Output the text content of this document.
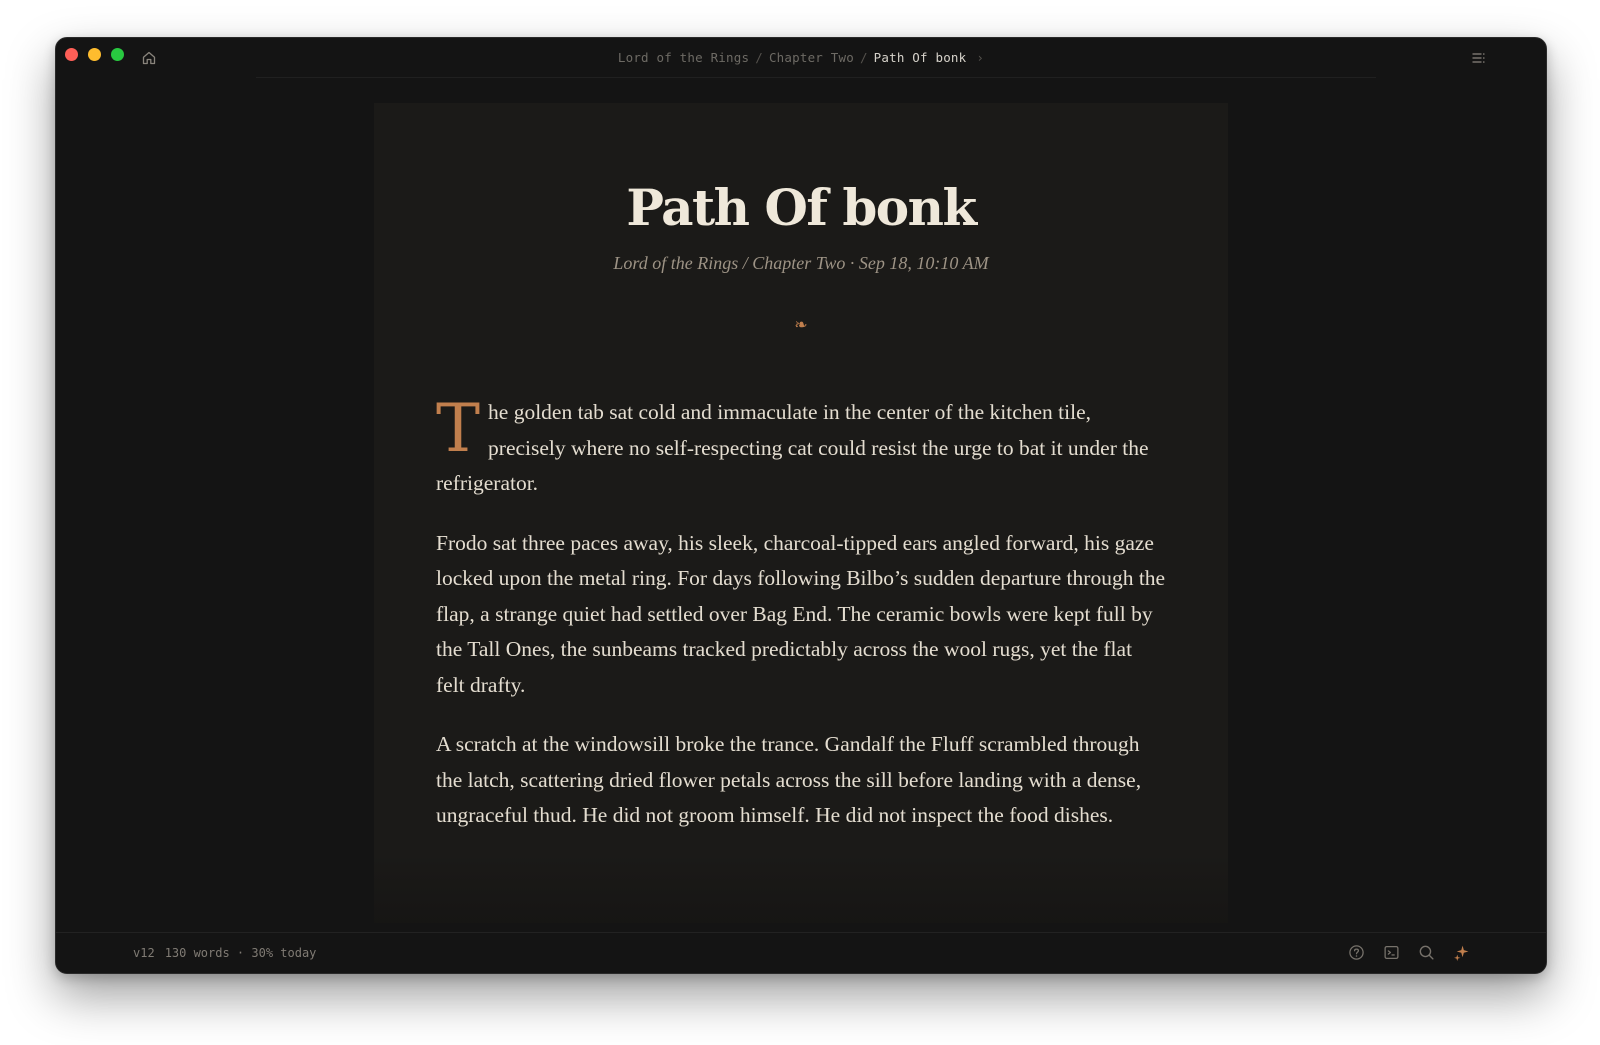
Lord of the Rings / Chapter Two / Path Of bonk ›
Path Of bonk
Lord of the Rings / Chapter Two · Sep 18, 10:10 AM
❧

The golden tab sat cold and immaculate in the center of the kitchen tile, precisely where no self-respecting cat could resist the urge to bat it under the refrigerator.

Frodo sat three paces away, his sleek, charcoal-tipped ears angled forward, his gaze locked upon the metal ring. For days following Bilbo’s sudden departure through the flap, a strange quiet had settled over Bag End. The ceramic bowls were kept full by the Tall Ones, the sunbeams tracked predictably across the wool rugs, yet the flat felt drafty.

A scratch at the windowsill broke the trance. Gandalf the Fluff scrambled through the latch, scattering dried flower petals across the sill before landing with a dense, ungraceful thud. He did not groom himself. He did not inspect the food dishes.

v12 130 words · 30% today
